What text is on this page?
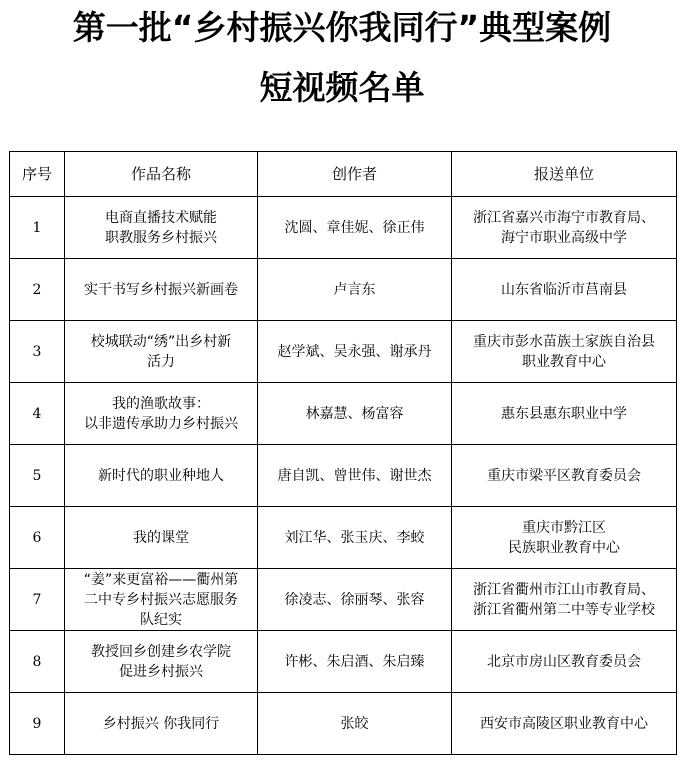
第一批“乡村振兴你我同行”典型案例
短视频名单
序号	作品名称	创作者	报送单位
1	电商直播技术赋能
职教服务乡村振兴	沈圆、章佳妮、徐正伟	浙江省嘉兴市海宁市教育局、
海宁市职业高级中学
2	实干书写乡村振兴新画卷	卢言东	山东省临沂市莒南县
3	校城联动“绣”出乡村新
活力	赵学斌、吴永强、谢承丹	重庆市彭水苗族土家族自治县
职业教育中心
4	我的渔歌故事：
以非遗传承助力乡村振兴	林嘉慧、杨富容	惠东县惠东职业中学
5	新时代的职业种地人	唐自凯、曾世伟、谢世杰	重庆市梁平区教育委员会
6	我的课堂	刘江华、张玉庆、李蛟	重庆市黔江区
民族职业教育中心
7	“姜”来更富裕——衢州第
二中专乡村振兴志愿服务
队纪实	徐凌志、徐丽琴、张容	浙江省衢州市江山市教育局、
浙江省衢州第二中等专业学校
8	教授回乡创建乡农学院
促进乡村振兴	许彬、朱启酒、朱启臻	北京市房山区教育委员会
9	乡村振兴 你我同行	张皎	西安市高陵区职业教育中心
